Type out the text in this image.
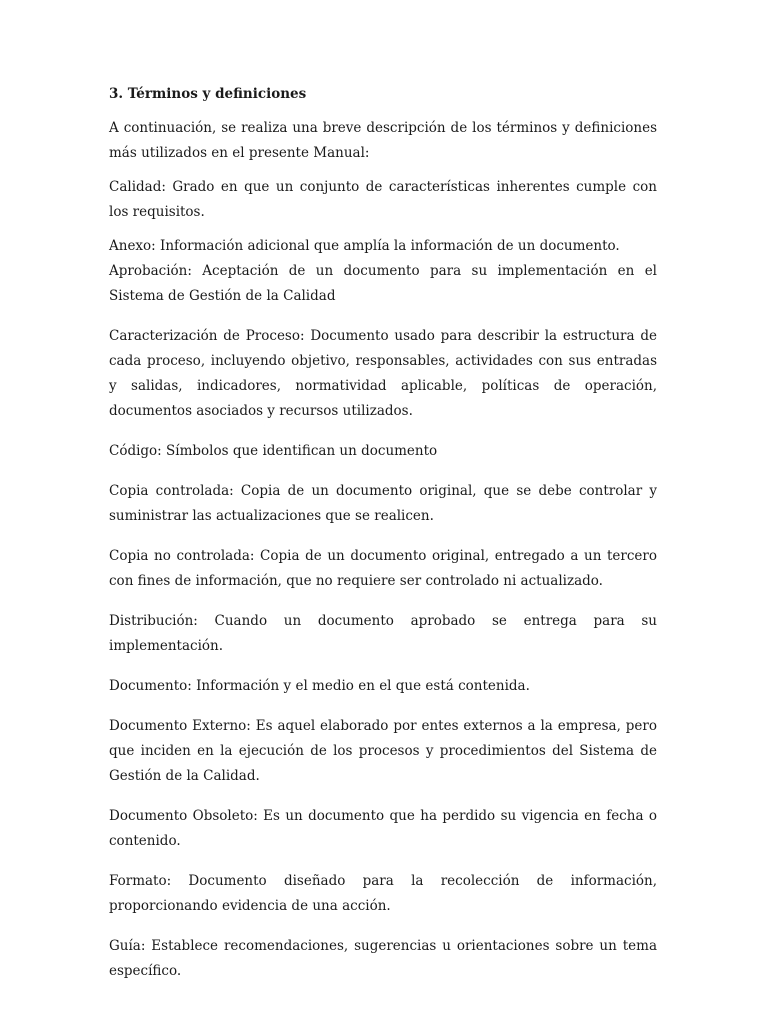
3. Términos y definiciones

A continuación, se realiza una breve descripción de los términos y definiciones más utilizados en el presente Manual:

Calidad: Grado en que un conjunto de características inherentes cumple con los requisitos.

Anexo: Información adicional que amplía la información de un documento.

Aprobación: Aceptación de un documento para su implementación en el Sistema de Gestión de la Calidad

Caracterización de Proceso: Documento usado para describir la estructura de cada proceso, incluyendo objetivo, responsables, actividades con sus entradas y salidas, indicadores, normatividad aplicable, políticas de operación, documentos asociados y recursos utilizados.

Código: Símbolos que identifican un documento

Copia controlada: Copia de un documento original, que se debe controlar y suministrar las actualizaciones que se realicen.

Copia no controlada: Copia de un documento original, entregado a un tercero con fines de información, que no requiere ser controlado ni actualizado.

Distribución: Cuando un documento aprobado se entrega para su implementación.

Documento: Información y el medio en el que está contenida.

Documento Externo: Es aquel elaborado por entes externos a la empresa, pero que inciden en la ejecución de los procesos y procedimientos del Sistema de Gestión de la Calidad.

Documento Obsoleto: Es un documento que ha perdido su vigencia en fecha o contenido.

Formato: Documento diseñado para la recolección de información, proporcionando evidencia de una acción.

Guía: Establece recomendaciones, sugerencias u orientaciones sobre un tema específico.
